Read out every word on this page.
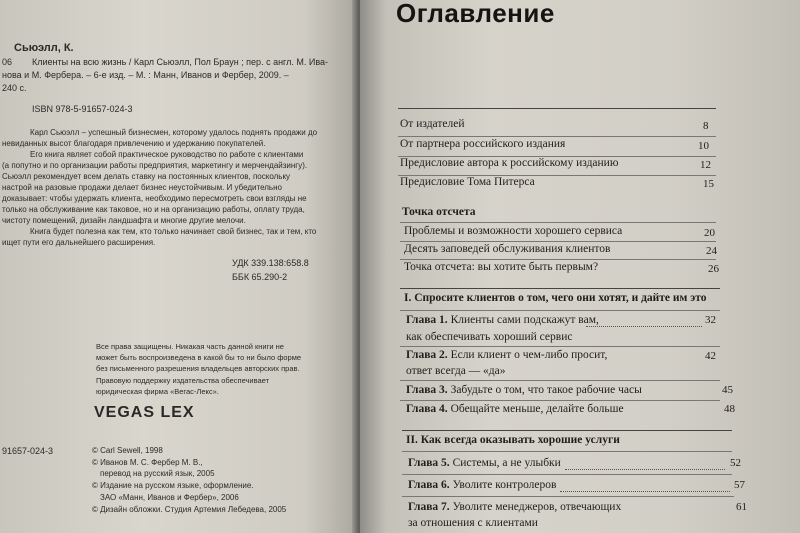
Сьюэлл, К.
06 Клиенты на всю жизнь / Карл Сьюэлл, Пол Браун ; пер. с англ. М. Ива-
нова и М. Фербера. – 6-е изд. – М. : Манн, Иванов и Фербер, 2009. –
240 с.
ISBN 978-5-91657-024-3
Карл Сьюэлл – успешный бизнесмен, которому удалось поднять продажи до
невиданных высот благодаря привлечению и удержанию покупателей.
Его книга являет собой практическое руководство по работе с клиентами
(а попутно и по организации работы предприятия, маркетингу и мерчендайзингу).
Сьюэлл рекомендует всем делать ставку на постоянных клиентов, поскольку
настрой на разовые продажи делает бизнес неустойчивым. И убедительно
доказывает: чтобы удержать клиента, необходимо пересмотреть свои взгляды не
только на обслуживание как таковое, но и на организацию работы, оплату труда,
чистоту помещений, дизайн ландшафта и многие другие мелочи.
Книга будет полезна как тем, кто только начинает свой бизнес, так и тем, кто
ищет пути его дальнейшего расширения.
УДК 339.138:658.8
ББК 65.290-2
Все права защищены. Никакая часть данной книги не
может быть воспроизведена в какой бы то ни было форме
без письменного разрешения владельцев авторских прав.
Правовую поддержку издательства обеспечивает
юридическая фирма «Вегас-Лекс».
VEGAS LEX
91657-024-3	© Carl Sewell, 1998
© Иванов М. С. Фербер М. В.,
перевод на русский язык, 2005
© Издание на русском языке, оформление.
ЗАО «Манн, Иванов и Фербер», 2006
© Дизайн обложки. Студия Артемия Лебедева, 2005
Оглавление
От издателей	8
От партнера российского издания	10
Предисловие автора к российскому изданию	12
Предисловие Тома Питерса	15
Точка отсчета
Проблемы и возможности хорошего сервиса	20
Десять заповедей обслуживания клиентов	24
Точка отсчета: вы хотите быть первым?	26
I. Спросите клиентов о том, чего они хотят, и дайте им это
Глава 1. Клиенты сами подскажут вам,	32
как обеспечивать хороший сервис
Глава 2. Если клиент о чем-либо просит,	42
ответ всегда — «да»
Глава 3. Забудьте о том, что такое рабочие часы	45
Глава 4. Обещайте меньше, делайте больше	48
II. Как всегда оказывать хорошие услуги
Глава 5. Системы, а не улыбки	52
Глава 6. Уволите контролеров	57
Глава 7. Уволите менеджеров, отвечающих	61
за отношения с клиентами
